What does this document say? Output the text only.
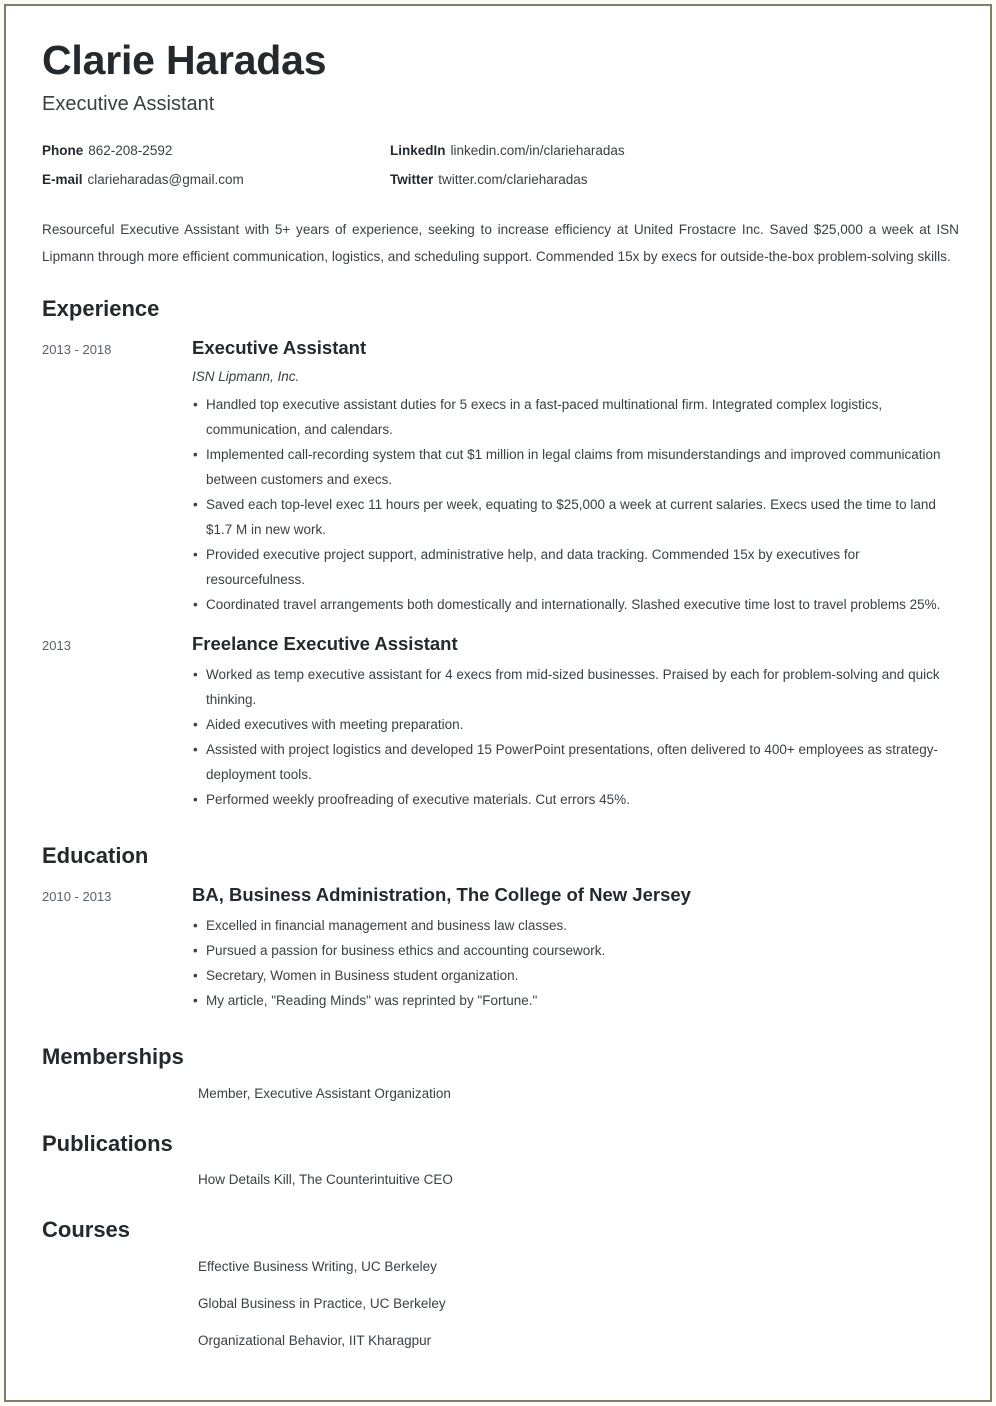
Clarie Haradas
Executive Assistant
Phone 862-208-2592	LinkedIn linkedin.com/in/clarieharadas
E-mail clarieharadas@gmail.com	Twitter twitter.com/clarieharadas

Resourceful Executive Assistant with 5+ years of experience, seeking to increase efficiency at United Frostacre Inc. Saved $25,000 a week at ISN Lipmann through more efficient communication, logistics, and scheduling support. Commended 15x by execs for outside-the-box problem-solving skills.

Experience
2013 - 2018	Executive Assistant
ISN Lipmann, Inc.
• Handled top executive assistant duties for 5 execs in a fast-paced multinational firm. Integrated complex logistics, communication, and calendars.
• Implemented call-recording system that cut $1 million in legal claims from misunderstandings and improved communication between customers and execs.
• Saved each top-level exec 11 hours per week, equating to $25,000 a week at current salaries. Execs used the time to land $1.7 M in new work.
• Provided executive project support, administrative help, and data tracking. Commended 15x by executives for resourcefulness.
• Coordinated travel arrangements both domestically and internationally. Slashed executive time lost to travel problems 25%.
2013	Freelance Executive Assistant
• Worked as temp executive assistant for 4 execs from mid-sized businesses. Praised by each for problem-solving and quick thinking.
• Aided executives with meeting preparation.
• Assisted with project logistics and developed 15 PowerPoint presentations, often delivered to 400+ employees as strategy-deployment tools.
• Performed weekly proofreading of executive materials. Cut errors 45%.
Education
2010 - 2013	BA, Business Administration, The College of New Jersey
• Excelled in financial management and business law classes.
• Pursued a passion for business ethics and accounting coursework.
• Secretary, Women in Business student organization.
• My article, "Reading Minds" was reprinted by "Fortune."
Memberships
Member, Executive Assistant Organization
Publications
How Details Kill, The Counterintuitive CEO
Courses
Effective Business Writing, UC Berkeley
Global Business in Practice, UC Berkeley
Organizational Behavior, IIT Kharagpur
